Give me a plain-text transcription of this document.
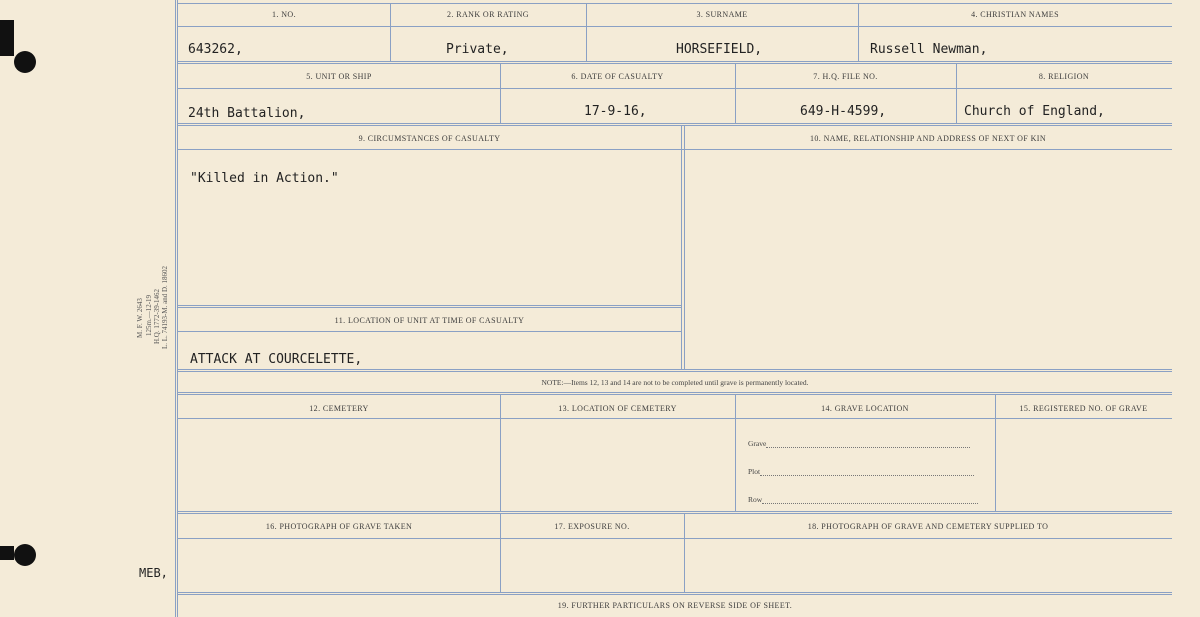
M. F. W. 2643 125m.—12-19 H.Q. 1772-39-1462 L. L. 74193-M. and D. 18602
1. NO.	2. RANK OR RATING	3. SURNAME	4. CHRISTIAN NAMES
643262,	Private,	HORSEFIELD,	Russell Newman,
5. UNIT OR SHIP	6. DATE OF CASUALTY	7. H.Q. FILE NO.	8. RELIGION
24th Battalion,	17-9-16,	649-H-4599,	Church of England,
9. CIRCUMSTANCES OF CASUALTY	10. NAME, RELATIONSHIP AND ADDRESS OF NEXT OF KIN
"Killed in Action."
11. LOCATION OF UNIT AT TIME OF CASUALTY
ATTACK AT COURCELETTE,
NOTE:—Items 12, 13 and 14 are not to be completed until grave is permanently located.
12. CEMETERY	13. LOCATION OF CEMETERY	14. GRAVE LOCATION	15. REGISTERED NO. OF GRAVE
Grave
Plot
Row
16. PHOTOGRAPH OF GRAVE TAKEN	17. EXPOSURE NO.	18. PHOTOGRAPH OF GRAVE AND CEMETERY SUPPLIED TO
19. FURTHER PARTICULARS ON REVERSE SIDE OF SHEET.
MEB,
